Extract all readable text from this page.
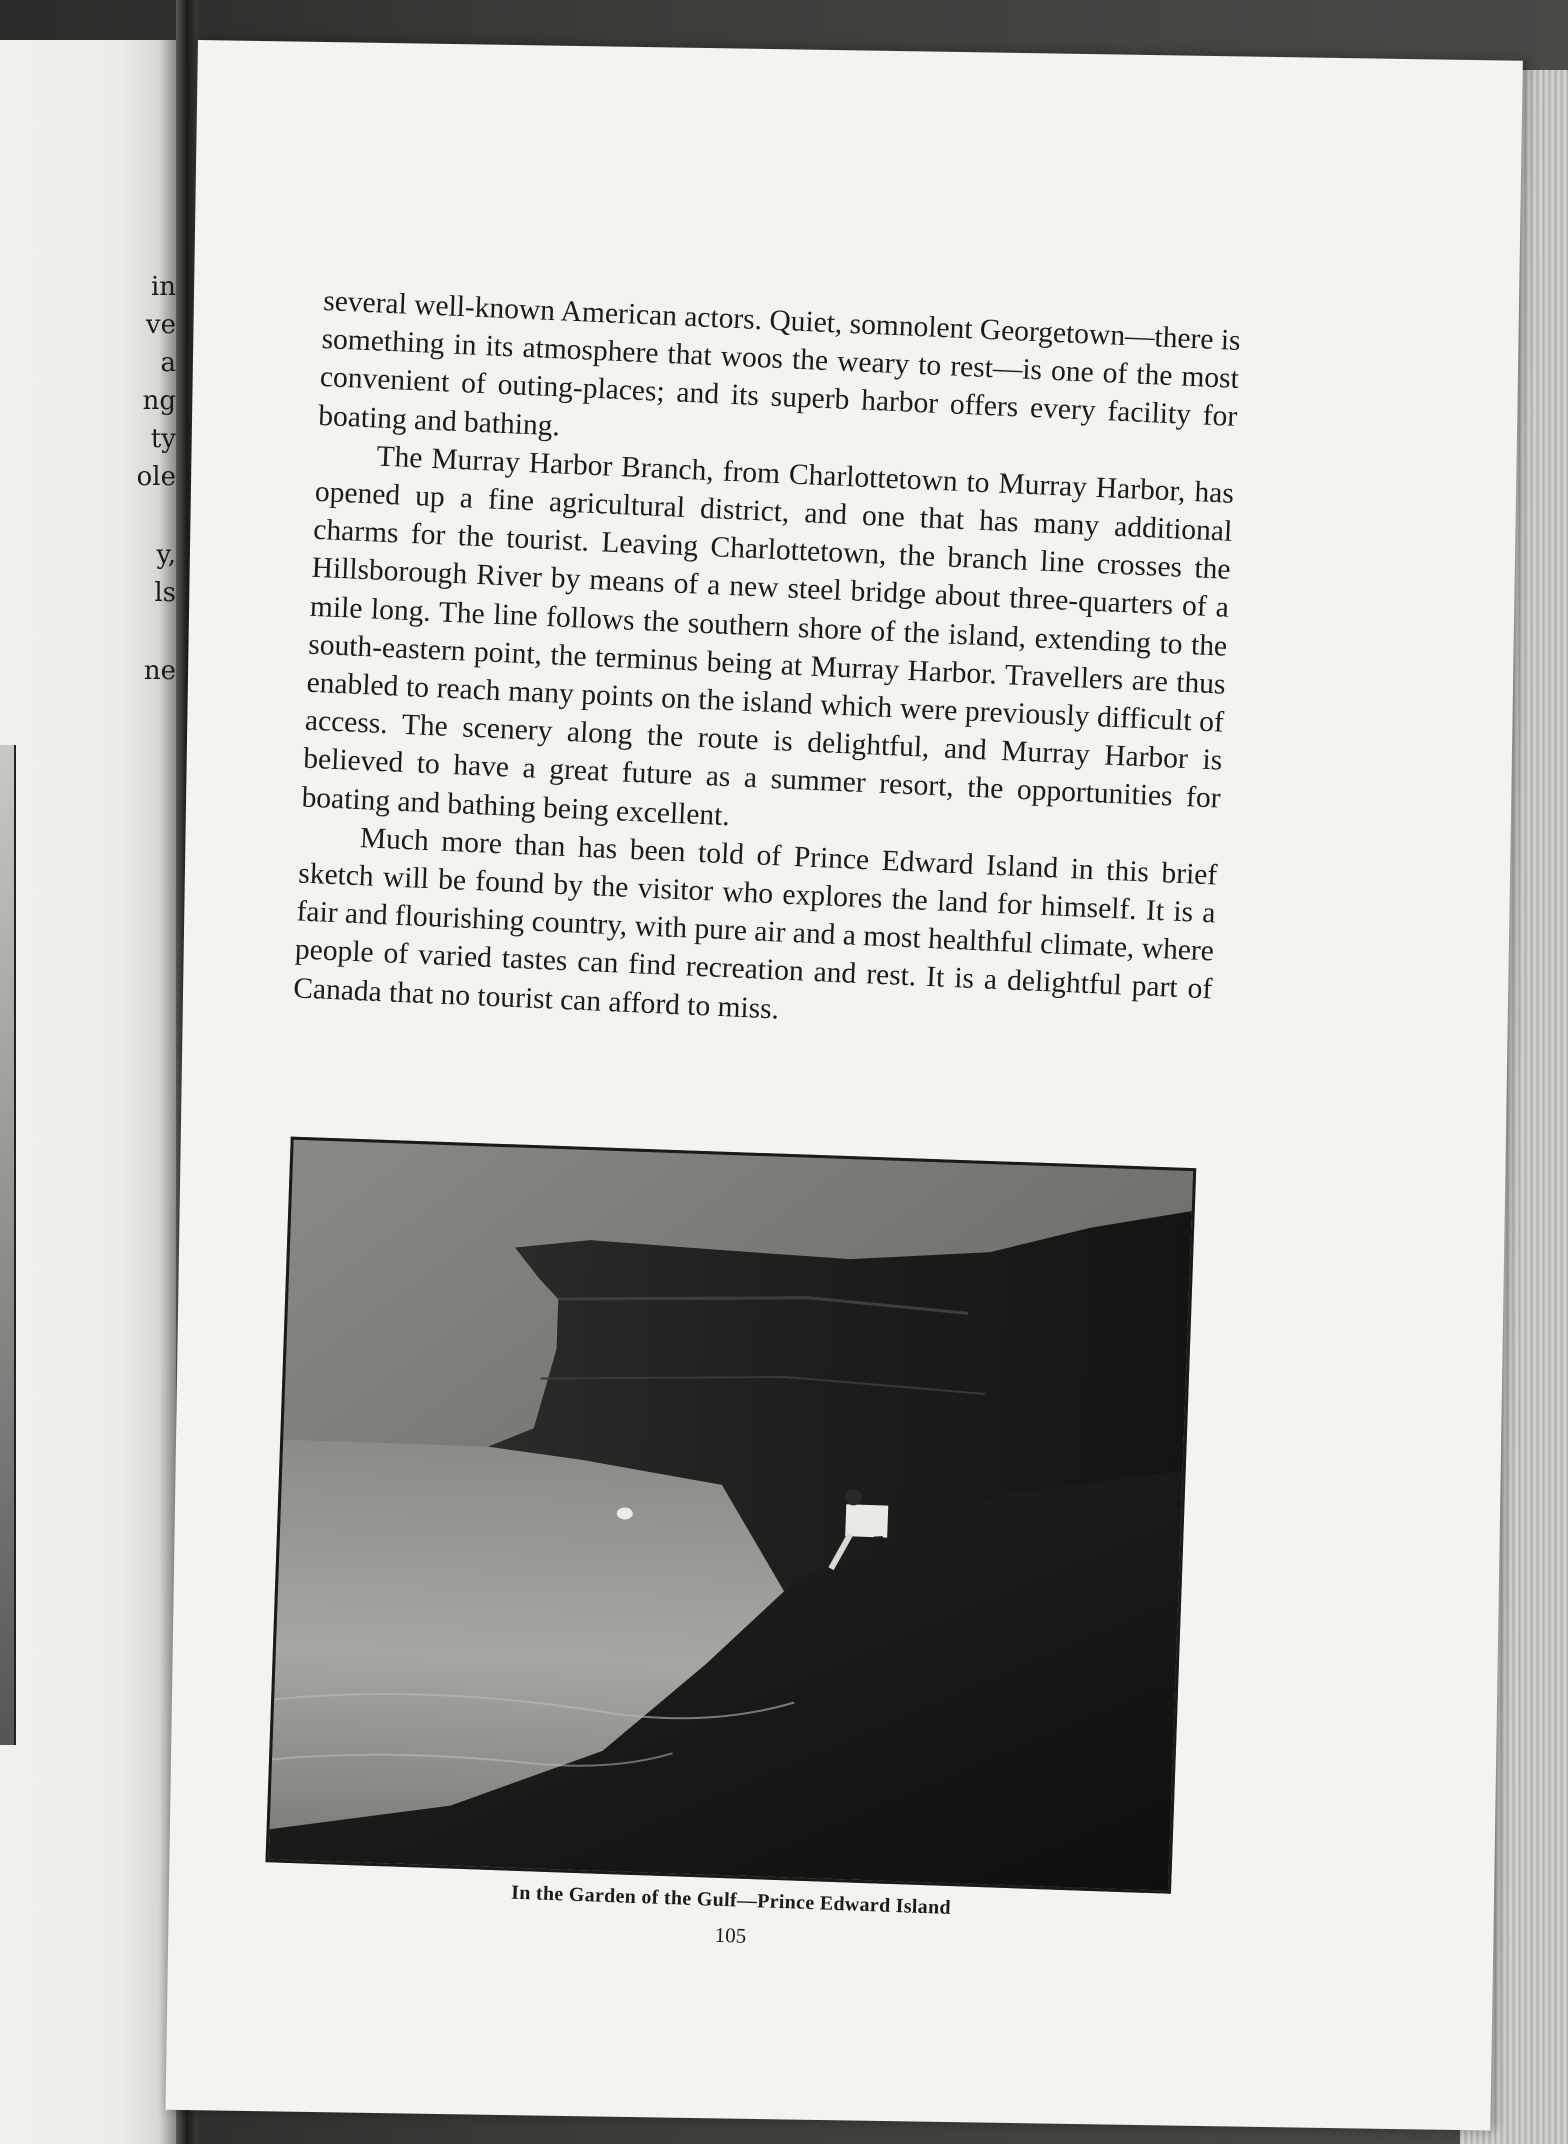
in
ve
a
ng
ty
ole
y,
ls
ne

several well-known American actors. Quiet, somnolent Georgetown—there is something in its atmosphere that woos the weary to rest—is one of the most convenient of outing-places; and its superb harbor offers every facility for boating and bathing.

The Murray Harbor Branch, from Charlottetown to Murray Harbor, has opened up a fine agricultural district, and one that has many additional charms for the tourist. Leaving Charlottetown, the branch line crosses the Hillsborough River by means of a new steel bridge about three-quarters of a mile long. The line follows the southern shore of the island, extending to the south-eastern point, the terminus being at Murray Harbor. Travellers are thus enabled to reach many points on the island which were previously difficult of access. The scenery along the route is delightful, and Murray Harbor is believed to have a great future as a summer resort, the opportunities for boating and bathing being excellent.

Much more than has been told of Prince Edward Island in this brief sketch will be found by the visitor who explores the land for himself. It is a fair and flourishing country, with pure air and a most healthful climate, where people of varied tastes can find recreation and rest. It is a delightful part of Canada that no tourist can afford to miss.

In the Garden of the Gulf—Prince Edward Island
105
